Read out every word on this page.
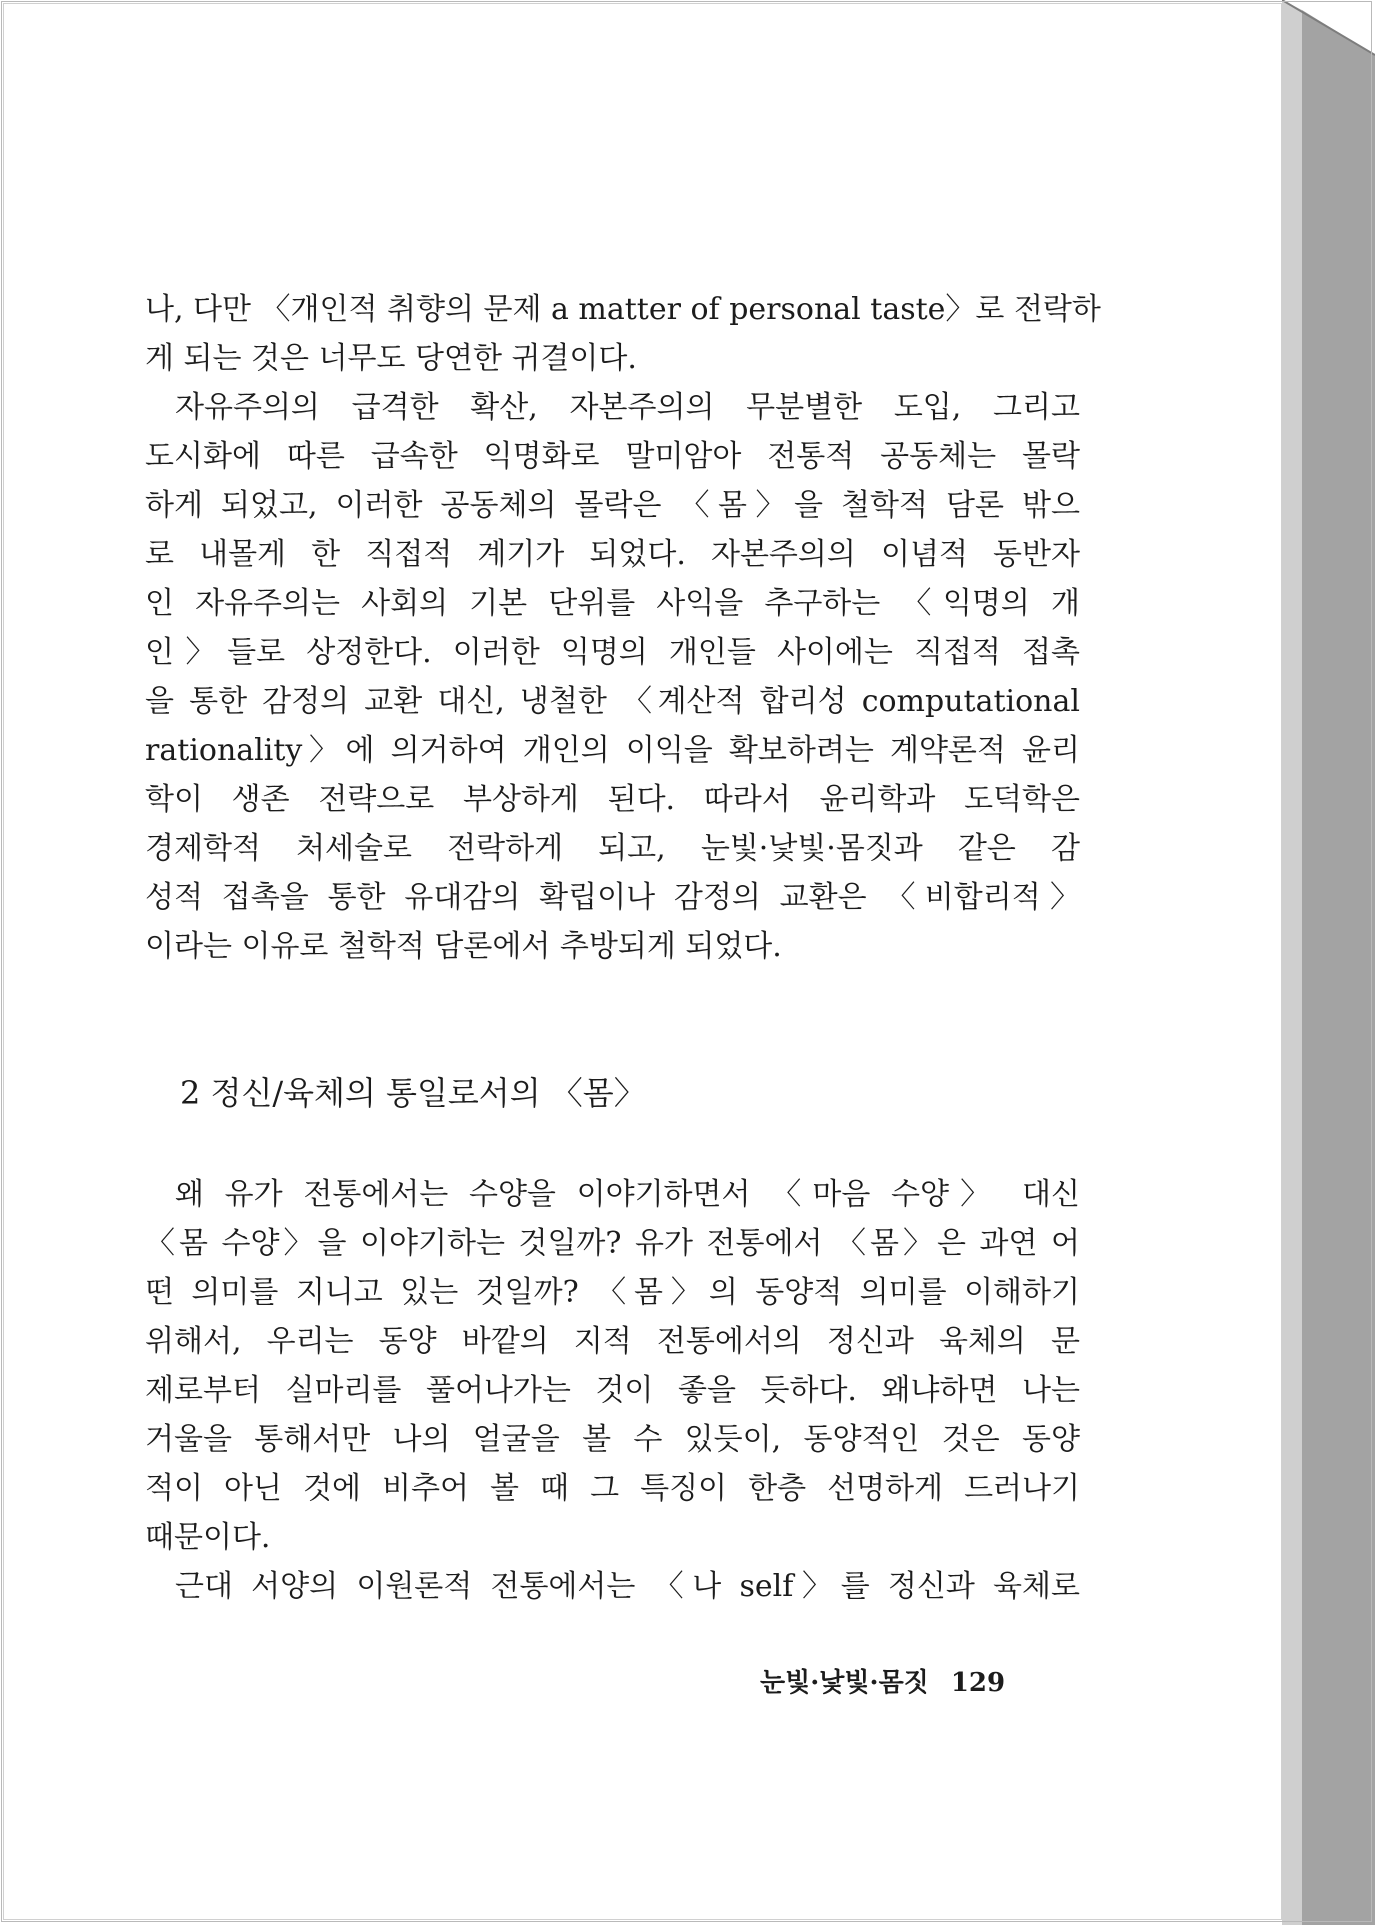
나, 다만 〈개인적 취향의 문제 a matter of personal taste〉로 전락하
게 되는 것은 너무도 당연한 귀결이다.
자유주의의 급격한 확산, 자본주의의 무분별한 도입, 그리고
도시화에 따른 급속한 익명화로 말미암아 전통적 공동체는 몰락
하게 되었고, 이러한 공동체의 몰락은 〈몸〉을 철학적 담론 밖으
로 내몰게 한 직접적 계기가 되었다. 자본주의의 이념적 동반자
인 자유주의는 사회의 기본 단위를 사익을 추구하는 〈익명의 개
인〉들로 상정한다. 이러한 익명의 개인들 사이에는 직접적 접촉
을 통한 감정의 교환 대신, 냉철한 〈계산적 합리성 computational
rationality〉에 의거하여 개인의 이익을 확보하려는 계약론적 윤리
학이 생존 전략으로 부상하게 된다. 따라서 윤리학과 도덕학은
경제학적 처세술로 전락하게 되고, 눈빛·낯빛·몸짓과 같은 감
성적 접촉을 통한 유대감의 확립이나 감정의 교환은 〈비합리적〉
이라는 이유로 철학적 담론에서 추방되게 되었다.
2 정신/육체의 통일로서의 〈몸〉
왜 유가 전통에서는 수양을 이야기하면서 〈마음 수양〉 대신
〈몸 수양〉을 이야기하는 것일까? 유가 전통에서 〈몸〉은 과연 어
떤 의미를 지니고 있는 것일까? 〈몸〉의 동양적 의미를 이해하기
위해서, 우리는 동양 바깥의 지적 전통에서의 정신과 육체의 문
제로부터 실마리를 풀어나가는 것이 좋을 듯하다. 왜냐하면 나는
거울을 통해서만 나의 얼굴을 볼 수 있듯이, 동양적인 것은 동양
적이 아닌 것에 비추어 볼 때 그 특징이 한층 선명하게 드러나기
때문이다.
근대 서양의 이원론적 전통에서는 〈나 self〉를 정신과 육체로
눈빛·낯빛·몸짓 129
